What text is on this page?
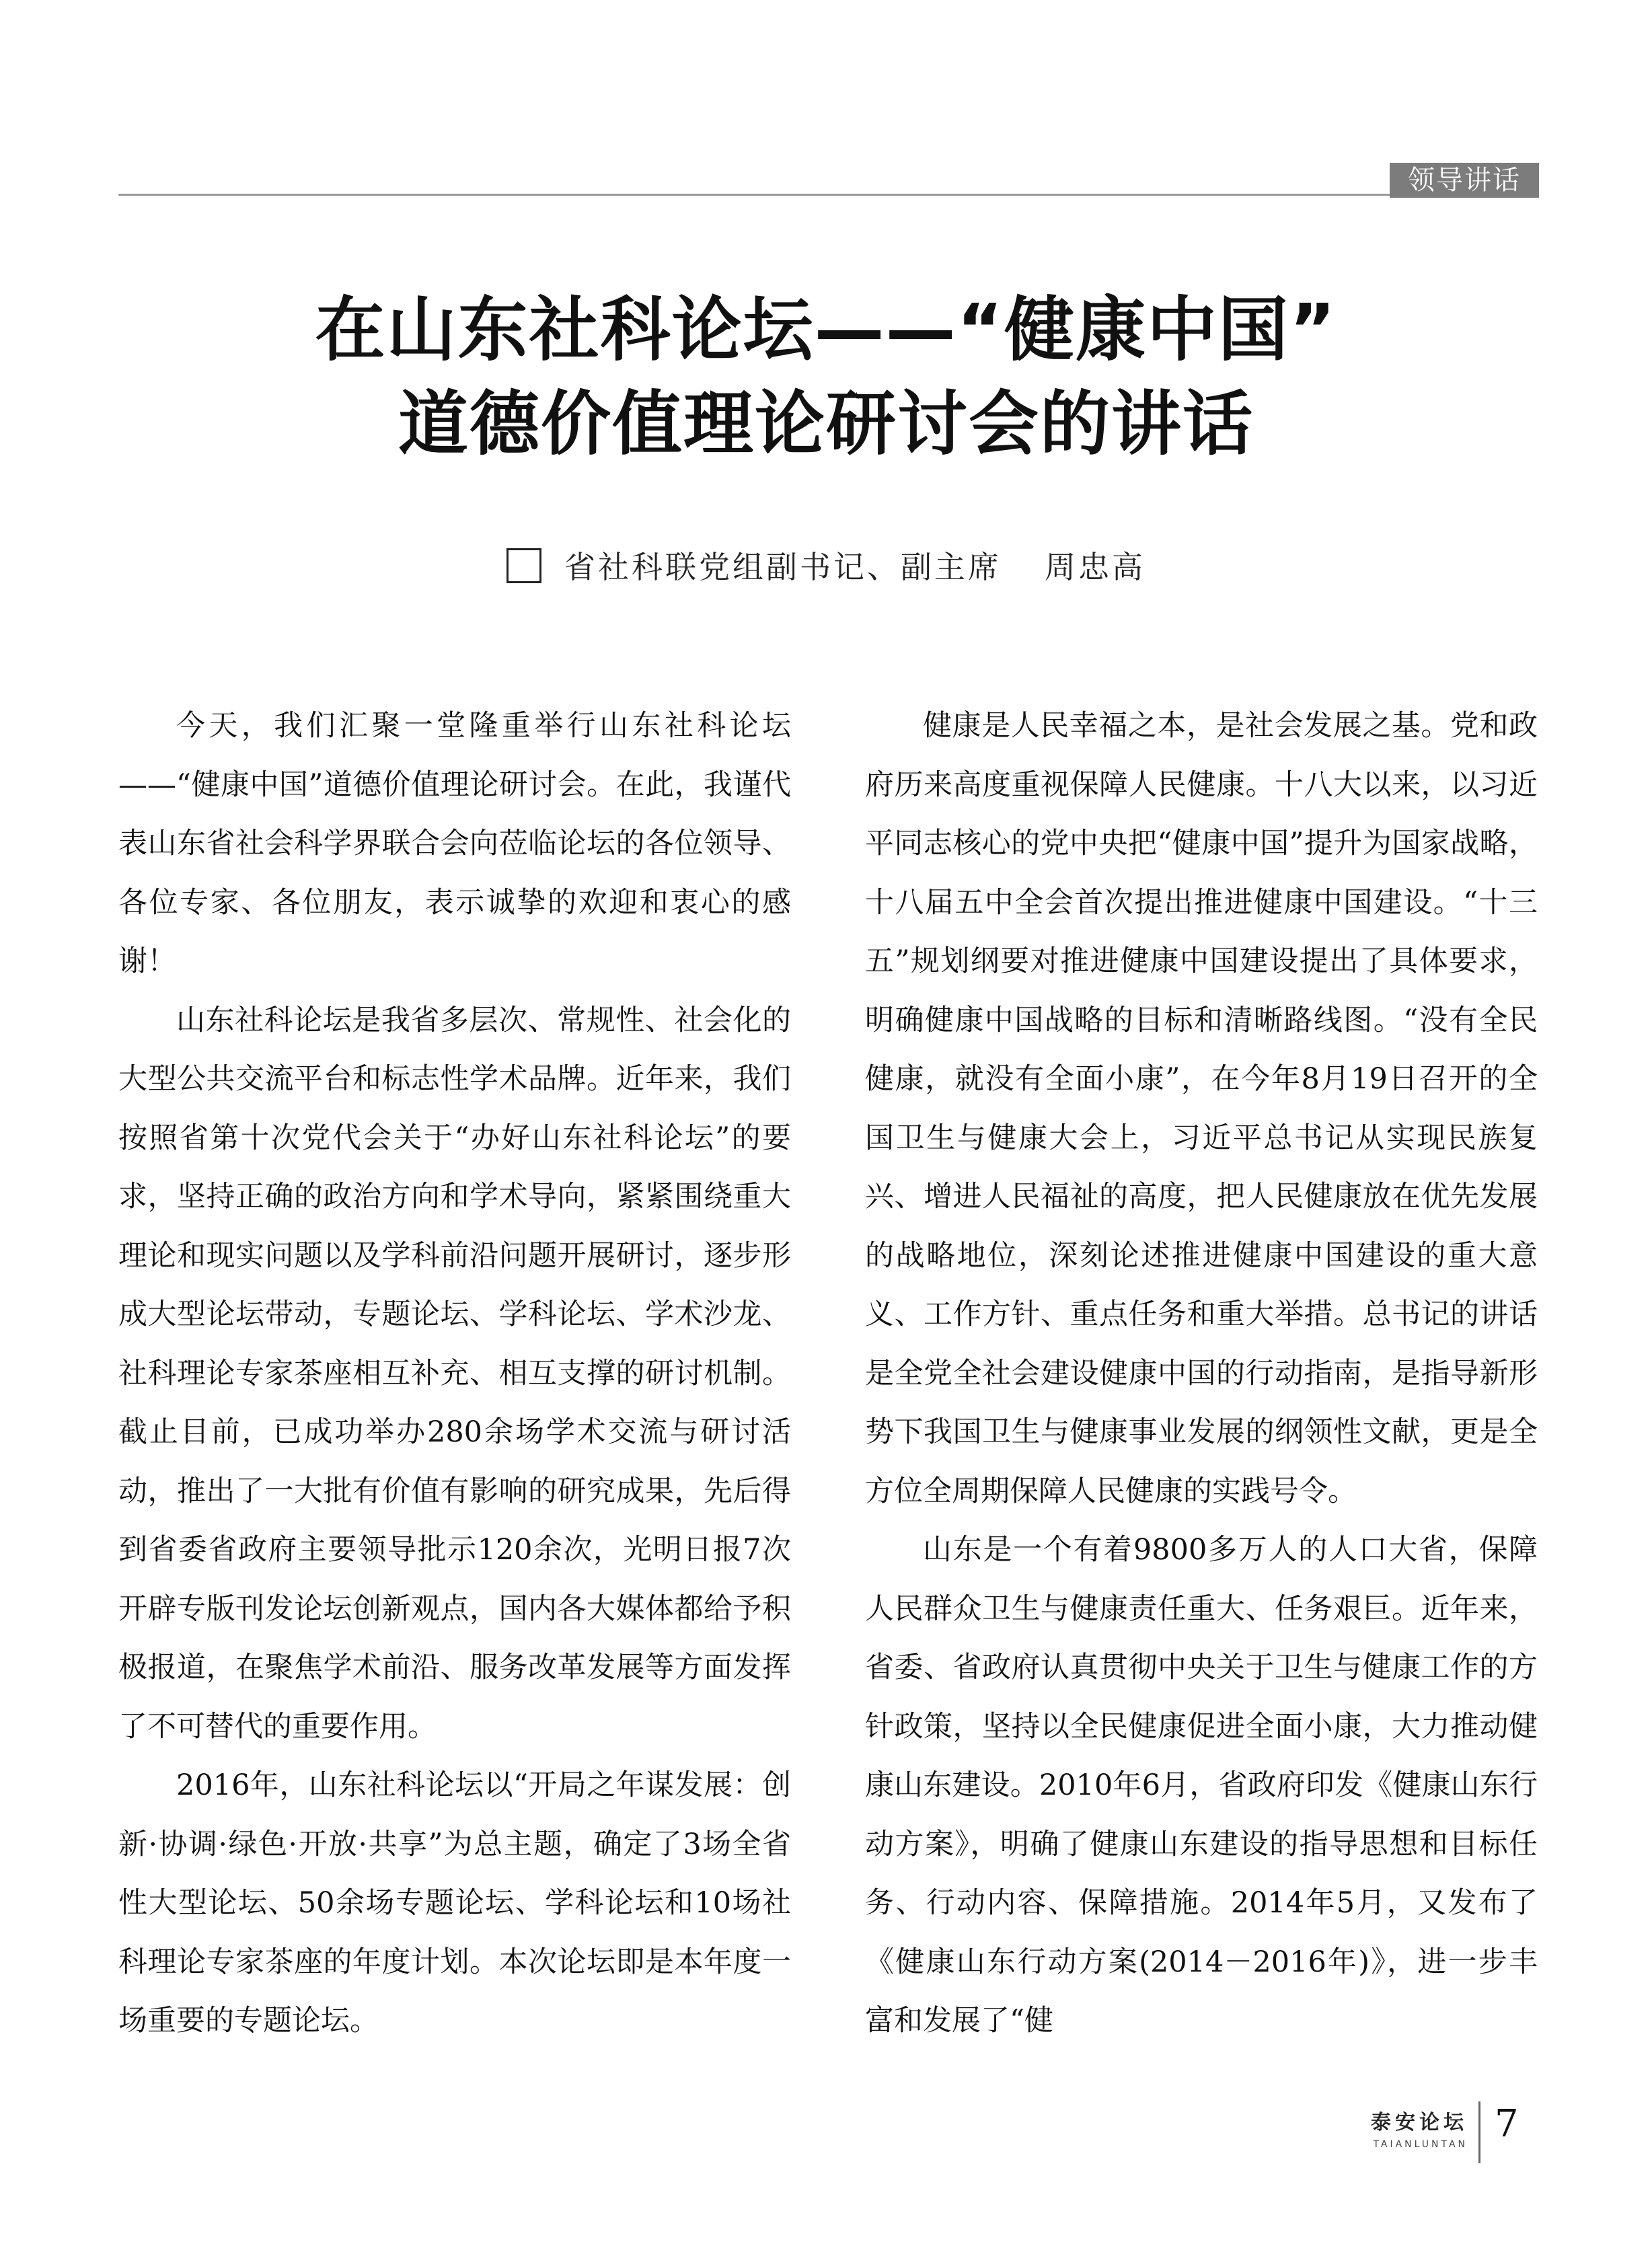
领导讲话
在山东社科论坛——“健康中国”
道德价值理论研讨会的讲话
省社科联党组副书记、副主席 周忠高

今天，我们汇聚一堂隆重举行山东社科论坛——“健康中国”道德价值理论研讨会。在此，我谨代表山东省社会科学界联合会向莅临论坛的各位领导、各位专家、各位朋友，表示诚挚的欢迎和衷心的感谢！

山东社科论坛是我省多层次、常规性、社会化的大型公共交流平台和标志性学术品牌。近年来，我们按照省第十次党代会关于“办好山东社科论坛”的要求，坚持正确的政治方向和学术导向，紧紧围绕重大理论和现实问题以及学科前沿问题开展研讨，逐步形成大型论坛带动，专题论坛、学科论坛、学术沙龙、社科理论专家茶座相互补充、相互支撑的研讨机制。截止目前，已成功举办280余场学术交流与研讨活动，推出了一大批有价值有影响的研究成果，先后得到省委省政府主要领导批示120余次，光明日报7次开辟专版刊发论坛创新观点，国内各大媒体都给予积极报道，在聚焦学术前沿、服务改革发展等方面发挥了不可替代的重要作用。

2016年，山东社科论坛以“开局之年谋发展：创新·协调·绿色·开放·共享”为总主题，确定了3场全省性大型论坛、50余场专题论坛、学科论坛和10场社科理论专家茶座的年度计划。本次论坛即是本年度一场重要的专题论坛。

健康是人民幸福之本，是社会发展之基。党和政府历来高度重视保障人民健康。十八大以来，以习近平同志核心的党中央把“健康中国”提升为国家战略，十八届五中全会首次提出推进健康中国建设。“十三五”规划纲要对推进健康中国建设提出了具体要求，明确健康中国战略的目标和清晰路线图。“没有全民健康，就没有全面小康”，在今年8月19日召开的全国卫生与健康大会上，习近平总书记从实现民族复兴、增进人民福祉的高度，把人民健康放在优先发展的战略地位，深刻论述推进健康中国建设的重大意义、工作方针、重点任务和重大举措。总书记的讲话是全党全社会建设健康中国的行动指南，是指导新形势下我国卫生与健康事业发展的纲领性文献，更是全方位全周期保障人民健康的实践号令。

山东是一个有着9800多万人的人口大省，保障人民群众卫生与健康责任重大、任务艰巨。近年来，省委、省政府认真贯彻中央关于卫生与健康工作的方针政策，坚持以全民健康促进全面小康，大力推动健康山东建设。2010年6月，省政府印发《健康山东行动方案》，明确了健康山东建设的指导思想和目标任务、行动内容、保障措施。2014年5月，又发布了《健康山东行动方案(2014－2016年)》，进一步丰富和发展了“健

泰安论坛
TAIANLUNTAN 7
